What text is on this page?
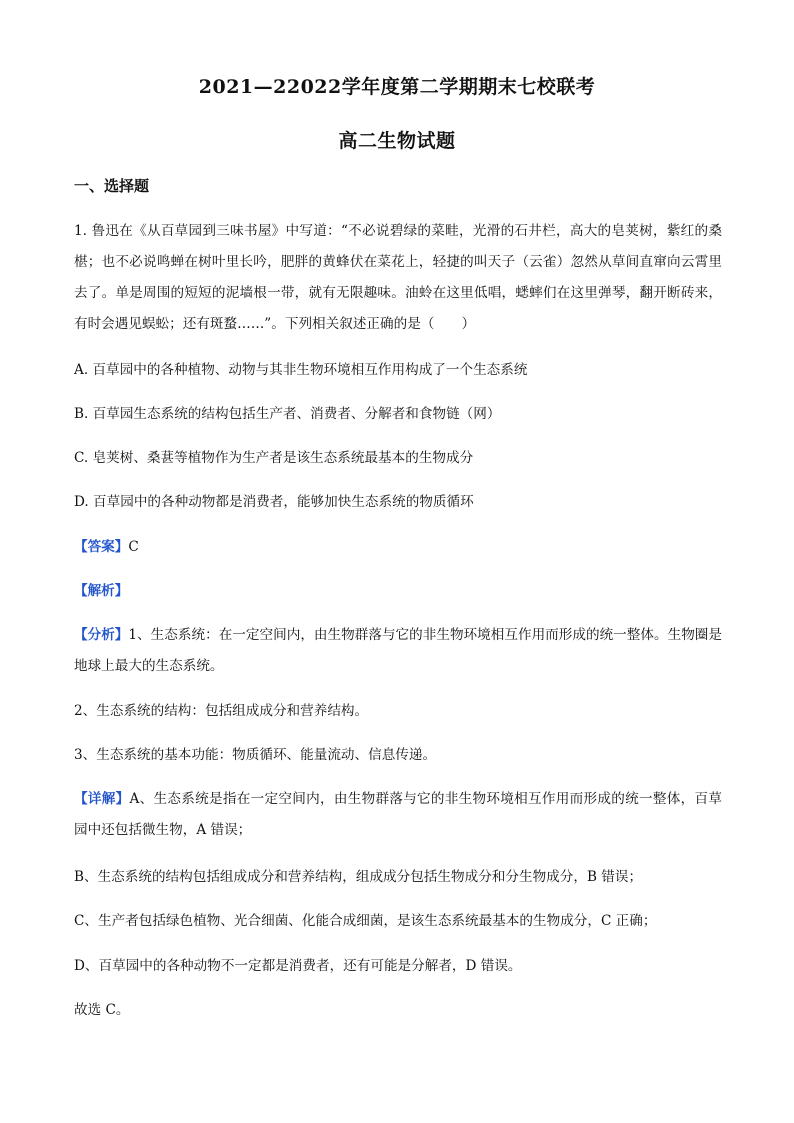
2021—22022学年度第二学期期末七校联考
高二生物试题
一、选择题
1. 鲁迅在《从百草园到三味书屋》中写道：“不必说碧绿的菜畦，光滑的石井栏，高大的皂荚树，紫红的桑椹；也不必说鸣蝉在树叶里长吟，肥胖的黄蜂伏在菜花上，轻捷的叫天子（云雀）忽然从草间直窜向云霄里去了。单是周围的短短的泥墙根一带，就有无限趣味。油蛉在这里低唱，蟋蟀们在这里弹琴，翻开断砖来，有时会遇见蜈蚣；还有斑蝥……”。下列相关叙述正确的是（　　）
A. 百草园中的各种植物、动物与其非生物环境相互作用构成了一个生态系统
B. 百草园生态系统的结构包括生产者、消费者、分解者和食物链（网）
C. 皂荚树、桑葚等植物作为生产者是该生态系统最基本的生物成分
D. 百草园中的各种动物都是消费者，能够加快生态系统的物质循环
【答案】C
【解析】
【分析】1、生态系统：在一定空间内，由生物群落与它的非生物环境相互作用而形成的统一整体。生物圈是地球上最大的生态系统。
2、生态系统的结构：包括组成成分和营养结构。
3、生态系统的基本功能：物质循环、能量流动、信息传递。
【详解】A、生态系统是指在一定空间内，由生物群落与它的非生物环境相互作用而形成的统一整体，百草园中还包括微生物，A 错误；
B、生态系统的结构包括组成成分和营养结构，组成成分包括生物成分和分生物成分，B 错误；
C、生产者包括绿色植物、光合细菌、化能合成细菌，是该生态系统最基本的生物成分，C 正确；
D、百草园中的各种动物不一定都是消费者，还有可能是分解者，D 错误。
故选 C。
